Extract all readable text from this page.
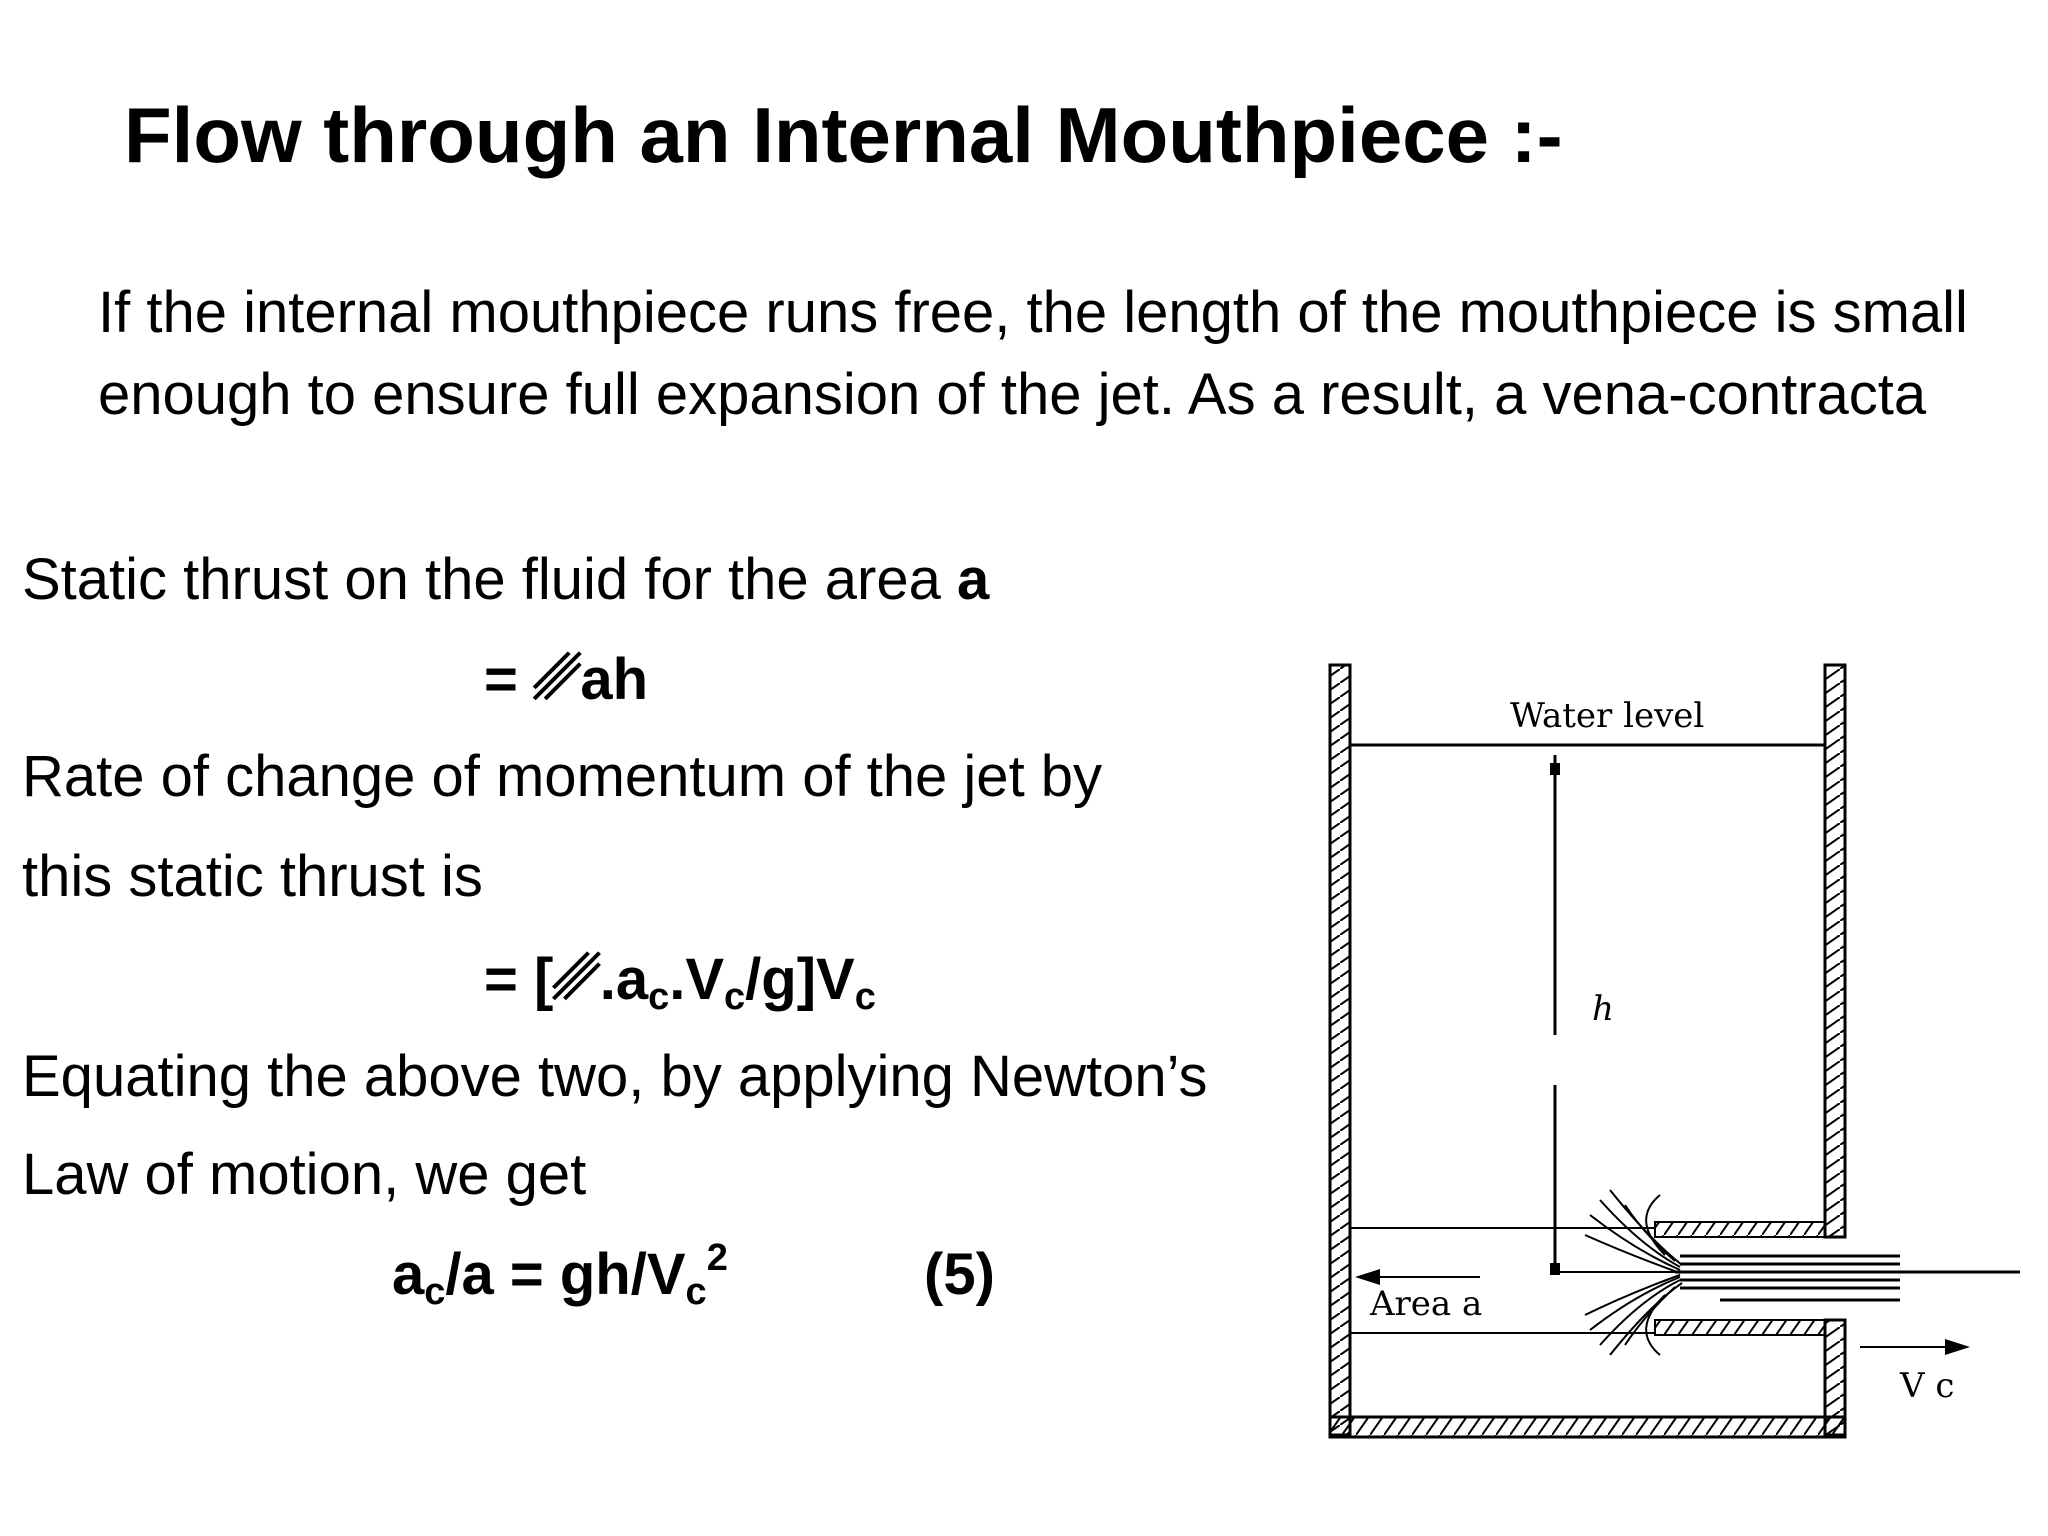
Flow through an Internal Mouthpiece :-
If the internal mouthpiece runs free, the length of the mouthpiece is small enough to ensure full expansion of the jet. As a result, a vena-contracta
Static thrust on the fluid for the area a
= ␥ah
Rate of change of momentum of the jet by
this static thrust is
= $[␥.a_c.V_c/g]V_c$
Equating the above two, by applying Newton’s
Law of motion, we get
$a_c/a = gh/V_c^2$	(5)
Water level
h
Area a
V c
